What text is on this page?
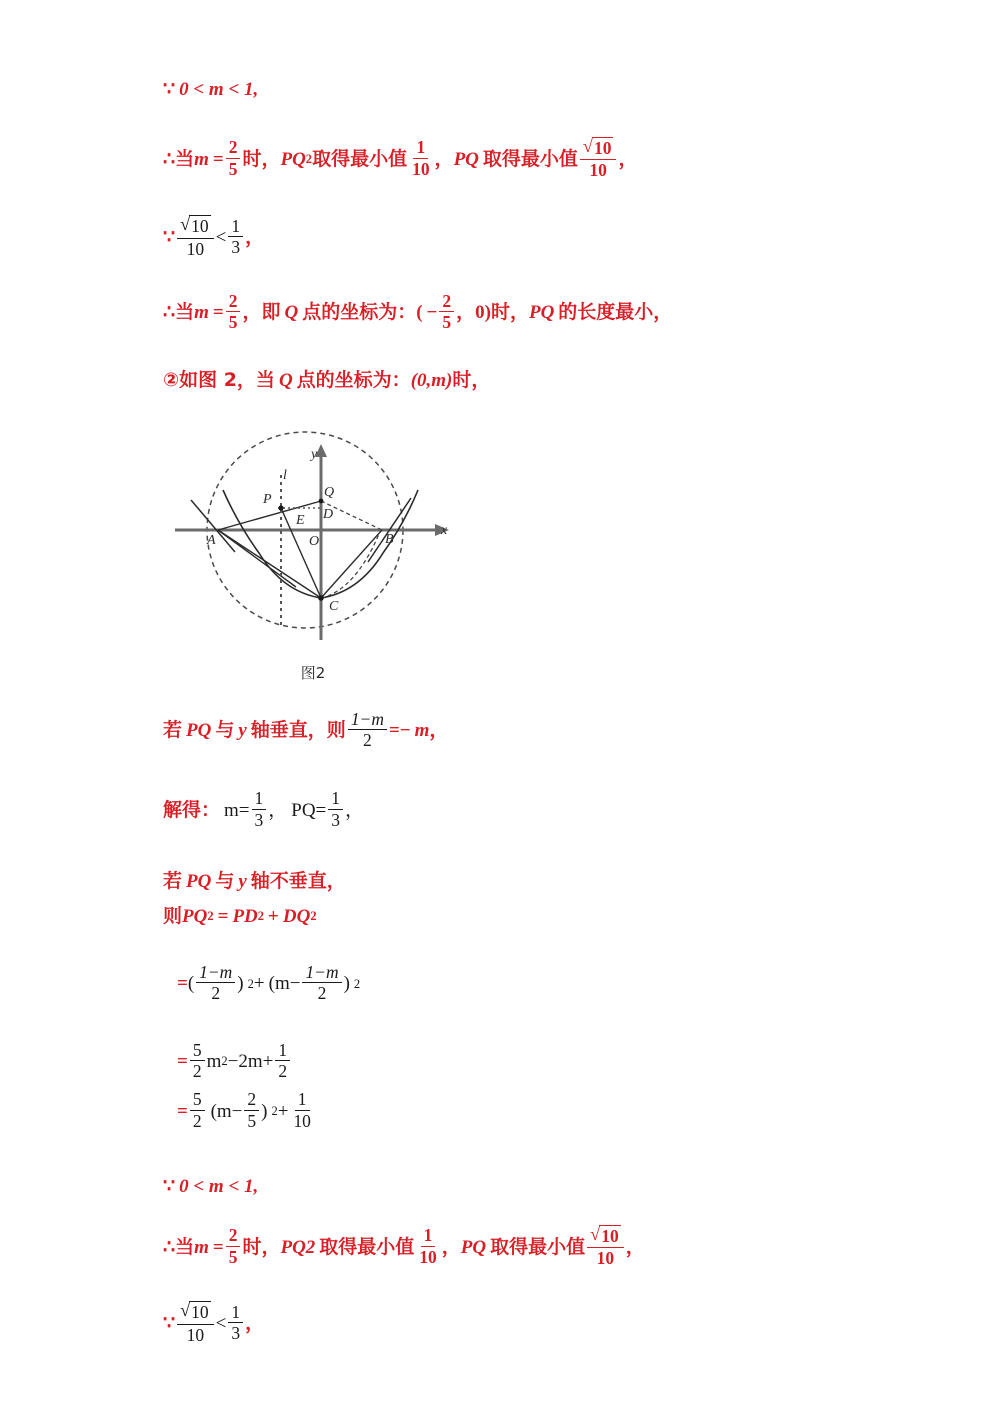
∵ 0 < m < 1,
∴ 当 $m = \frac{2}{5}$ 时， PQ 2 取得最小值 $\frac{1}{10}$ ， PQ 取得最小值 $\frac{√ 10}{10}$ ，
∵ $\frac{√ 10}{10} < \frac{1}{3}$ ，
∴ 当 $m = \frac{2}{5}$ ，即 Q 点的坐标为： ( − $\frac{2}{5}$ ， 0 ) 时， PQ 的长度最小，
② 如图 2，当 Q 点的坐标为： (0,m) 时，
y
x
O
A	B
C
P	Q
D
E
l
图2
若 PQ 与 y 轴垂直，则 $\frac{1-m}{2} =- m$ ，
解得： $m= \frac{1}{3}$ ， $PQ= \frac{1}{3}$ ，
若 PQ 与 y 轴不垂直，
则 PQ 2 = PD 2 + DQ 2
= ( $\frac{1-m}{2}$ ) 2 + ( $m- \frac{1-m}{2}$ ) 2
= $\frac{5}{2}$ m $2 -2m+ \frac{1}{2}$
= $\frac{5}{2}$ ( $m- \frac{2}{5}$ ) $2 + \frac{1}{10}$
∵ 0 < m < 1,
∴ 当 $m = \frac{2}{5}$ 时， PQ2 取得最小值 $\frac{1}{10}$ ， PQ 取得最小值 $\frac{√ 10}{10}$ ，
∵ $\frac{√ 10}{10} < \frac{1}{3}$ ，
